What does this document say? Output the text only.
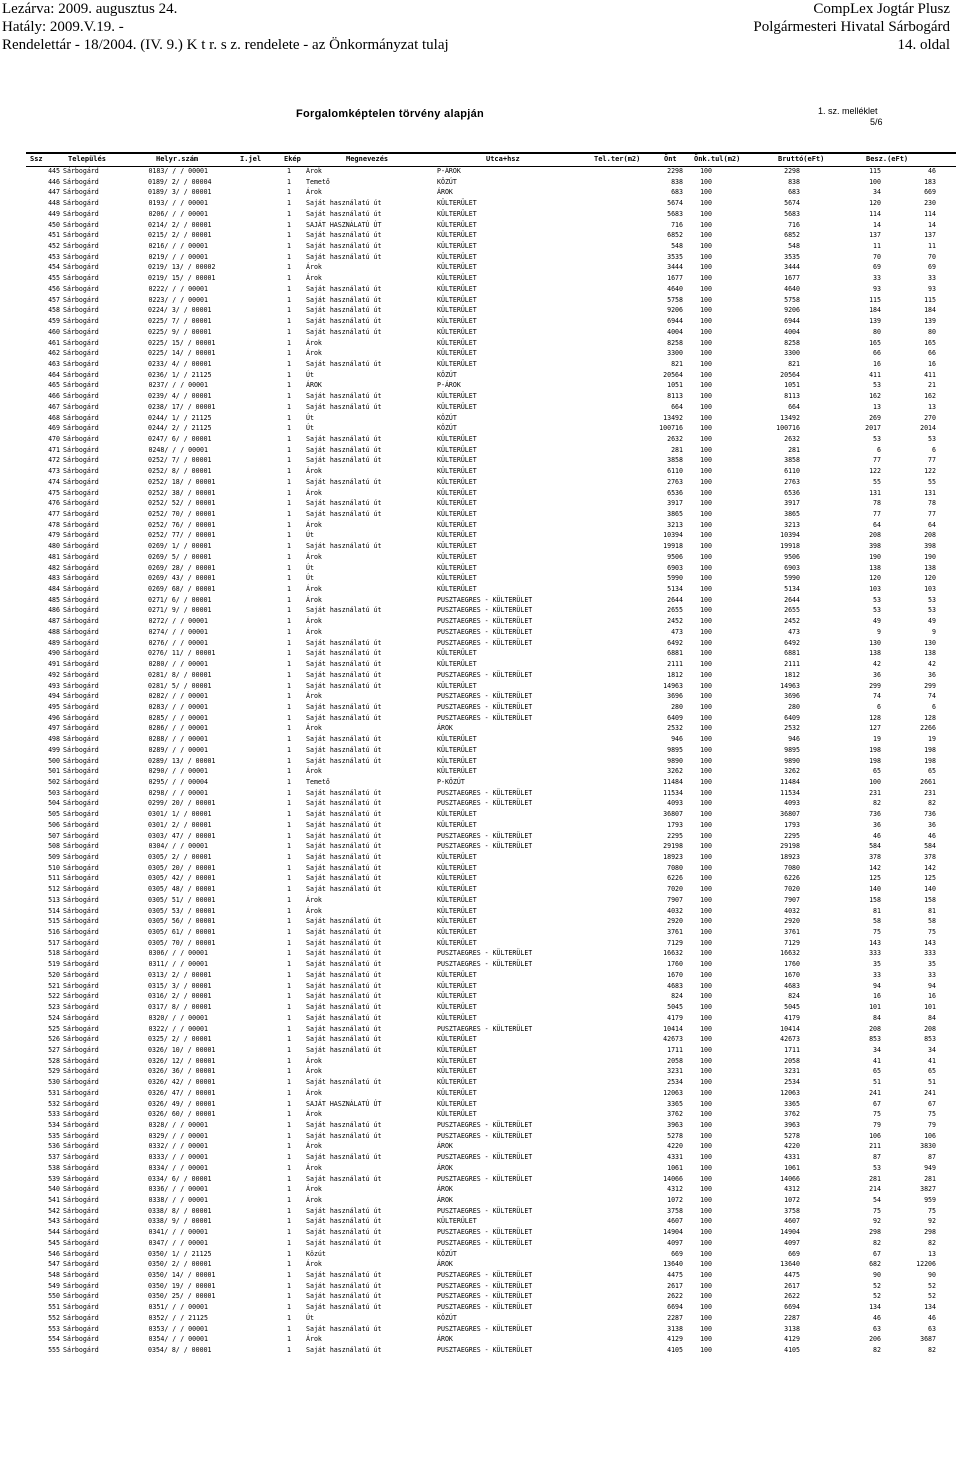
Lezárva: 2009. augusztus 24.
Hatály: 2009.V.19. -
Rendelettár - 18/2004. (IV. 9.) K t r. s z. rendelete - az Önkormányzat tulaj
CompLex Jogtár Plusz
Polgármesteri Hivatal Sárbogárd
14. oldal
Forgalomképtelen törvény alapján	1. sz. melléklet
5/6
Ssz	Település	Helyr.szám	I.jel	Ekép	Megnevezés	Utca+hsz	Tel.ter(m2)	Önt Önk.tul(m2)	Bruttó(eFt)	Besz.(eFt)
445 Sárbogárd	0183/ / / 00001	1 Árok	P-ÁROK	2298	100	2298	115	46
446 Sárbogárd	0189/ 2/ / 00004	1 Temető	KÖZÚT	838	100	838	100	183
447 Sárbogárd	0189/ 3/ / 00001	1 Árok	ÁROK	683	100	683	34	669
448 Sárbogárd	0193/ / / 00001	1 Saját használatú út	KÜLTERÜLET	5674	100	5674	120	230
449 Sárbogárd	0206/ / / 00001	1 Saját használatú út	KÜLTERÜLET	5683	100	5683	114	114
450 Sárbogárd	0214/ 2/ / 00001	1 SAJÁT HASZNÁLATÚ ÚT	KÜLTERÜLET	716	100	716	14	14
451 Sárbogárd	0215/ 2/ / 00001	1 Saját használatú út	KÜLTERÜLET	6852	100	6852	137	137
452 Sárbogárd	0216/ / / 00001	1 Saját használatú út	KÜLTERÜLET	548	100	548	11	11
453 Sárbogárd	0219/ / / 00001	1 Saját használatú út	KÜLTERÜLET	3535	100	3535	70	70
454 Sárbogárd	0219/ 13/ / 00002	1 Árok	KÜLTERÜLET	3444	100	3444	69	69
455 Sárbogárd	0219/ 15/ / 00001	1 Árok	KÜLTERÜLET	1677	100	1677	33	33
456 Sárbogárd	0222/ / / 00001	1 Saját használatú út	KÜLTERÜLET	4640	100	4640	93	93
457 Sárbogárd	0223/ / / 00001	1 Saját használatú út	KÜLTERÜLET	5758	100	5758	115	115
458 Sárbogárd	0224/ 3/ / 00001	1 Saját használatú út	KÜLTERÜLET	9206	100	9206	184	184
459 Sárbogárd	0225/ 7/ / 00001	1 Saját használatú út	KÜLTERÜLET	6944	100	6944	139	139
460 Sárbogárd	0225/ 9/ / 00001	1 Saját használatú út	KÜLTERÜLET	4004	100	4004	80	80
461 Sárbogárd	0225/ 15/ / 00001	1 Árok	KÜLTERÜLET	8258	100	8258	165	165
462 Sárbogárd	0225/ 14/ / 00001	1 Árok	KÜLTERÜLET	3300	100	3300	66	66
463 Sárbogárd	0233/ 4/ / 00001	1 Saját használatú út	KÜLTERÜLET	821	100	821	16	16
464 Sárbogárd	0236/ 1/ / 21125	1 Út	KÖZÚT	20564	100	20564	411	411
465 Sárbogárd	0237/ / / 00001	1 ÁROK	P-ÁROK	1051	100	1051	53	21
466 Sárbogárd	0239/ 4/ / 00001	1 Saját használatú út	KÜLTERÜLET	8113	100	8113	162	162
467 Sárbogárd	0238/ 17/ / 00001	1 Saját használatú út	KÜLTERÜLET	664	100	664	13	13
468 Sárbogárd	0244/ 1/ / 21125	1 Út	KÖZÚT	13492	100	13492	269	270
469 Sárbogárd	0244/ 2/ / 21125	1 Út	KÖZÚT	100716	100	100716	2017	2014
470 Sárbogárd	0247/ 6/ / 00001	1 Saját használatú út	KÜLTERÜLET	2632	100	2632	53	53
471 Sárbogárd	0248/ / / 00001	1 Saját használatú út	KÜLTERÜLET	281	100	281	6	6
472 Sárbogárd	0252/ 7/ / 00001	1 Saját használatú út	KÜLTERÜLET	3858	100	3858	77	77
473 Sárbogárd	0252/ 8/ / 00001	1 Árok	KÜLTERÜLET	6110	100	6110	122	122
474 Sárbogárd	0252/ 18/ / 00001	1 Saját használatú út	KÜLTERÜLET	2763	100	2763	55	55
475 Sárbogárd	0252/ 38/ / 00001	1 Árok	KÜLTERÜLET	6536	100	6536	131	131
476 Sárbogárd	0252/ 52/ / 00001	1 Saját használatú út	KÜLTERÜLET	3917	100	3917	78	78
477 Sárbogárd	0252/ 70/ / 00001	1 Saját használatú út	KÜLTERÜLET	3865	100	3865	77	77
478 Sárbogárd	0252/ 76/ / 00001	1 Árok	KÜLTERÜLET	3213	100	3213	64	64
479 Sárbogárd	0252/ 77/ / 00001	1 Út	KÜLTERÜLET	10394	100	10394	208	208
480 Sárbogárd	0269/ 1/ / 00001	1 Saját használatú út	KÜLTERÜLET	19918	100	19918	398	398
481 Sárbogárd	0269/ 5/ / 00001	1 Árok	KÜLTERÜLET	9506	100	9506	190	190
482 Sárbogárd	0269/ 28/ / 00001	1 Út	KÜLTERÜLET	6903	100	6903	138	138
483 Sárbogárd	0269/ 43/ / 00001	1 Út	KÜLTERÜLET	5990	100	5990	120	120
484 Sárbogárd	0269/ 68/ / 00001	1 Árok	KÜLTERÜLET	5134	100	5134	103	103
485 Sárbogárd	0271/ 6/ / 00001	1 Árok	PUSZTAEGRES - KÜLTERÜLET	2644	100	2644	53	53
486 Sárbogárd	0271/ 9/ / 00001	1 Saját használatú út	PUSZTAEGRES - KÜLTERÜLET	2655	100	2655	53	53
487 Sárbogárd	0272/ / / 00001	1 Árok	PUSZTAEGRES - KÜLTERÜLET	2452	100	2452	49	49
488 Sárbogárd	0274/ / / 00001	1 Árok	PUSZTAEGRES - KÜLTERÜLET	473	100	473	9	9
489 Sárbogárd	0276/ / / 00001	1 Saját használatú út	PUSZTAEGRES - KÜLTERÜLET	6492	100	6492	130	130
490 Sárbogárd	0276/ 11/ / 00001	1 Saját használatú út	KÜLTERÜLET	6881	100	6881	138	138
491 Sárbogárd	0280/ / / 00001	1 Saját használatú út	KÜLTERÜLET	2111	100	2111	42	42
492 Sárbogárd	0281/ 8/ / 00001	1 Saját használatú út	PUSZTAEGRES - KÜLTERÜLET	1812	100	1812	36	36
493 Sárbogárd	0281/ 5/ / 00001	1 Saját használatú út	KÜLTERÜLET	14963	100	14963	299	299
494 Sárbogárd	0282/ / / 00001	1 Árok	PUSZTAEGRES - KÜLTERÜLET	3696	100	3696	74	74
495 Sárbogárd	0283/ / / 00001	1 Saját használatú út	PUSZTAEGRES - KÜLTERÜLET	280	100	280	6	6
496 Sárbogárd	0285/ / / 00001	1 Saját használatú út	PUSZTAEGRES - KÜLTERÜLET	6409	100	6409	128	128
497 Sárbogárd	0286/ / / 00001	1 Árok	ÁROK	2532	100	2532	127	2266
498 Sárbogárd	0288/ / / 00001	1 Saját használatú út	KÜLTERÜLET	946	100	946	19	19
499 Sárbogárd	0289/ / / 00001	1 Saját használatú út	KÜLTERÜLET	9895	100	9895	198	198
500 Sárbogárd	0289/ 13/ / 00001	1 Saját használatú út	KÜLTERÜLET	9890	100	9890	198	198
501 Sárbogárd	0290/ / / 00001	1 Árok	KÜLTERÜLET	3262	100	3262	65	65
502 Sárbogárd	0295/ / / 00004	1 Temető	P-KÖZÚT	11484	100	11484	100	2661
503 Sárbogárd	0298/ / / 00001	1 Saját használatú út	PUSZTAEGRES - KÜLTERÜLET	11534	100	11534	231	231
504 Sárbogárd	0299/ 20/ / 00001	1 Saját használatú út	PUSZTAEGRES - KÜLTERÜLET	4093	100	4093	82	82
505 Sárbogárd	0301/ 1/ / 00001	1 Saját használatú út	KÜLTERÜLET	36807	100	36807	736	736
506 Sárbogárd	0301/ 2/ / 00001	1 Saját használatú út	KÜLTERÜLET	1793	100	1793	36	36
507 Sárbogárd	0303/ 47/ / 00001	1 Saját használatú út	PUSZTAEGRES - KÜLTERÜLET	2295	100	2295	46	46
508 Sárbogárd	0304/ / / 00001	1 Saját használatú út	PUSZTAEGRES - KÜLTERÜLET	29198	100	29198	584	584
509 Sárbogárd	0305/ 2/ / 00001	1 Saját használatú út	KÜLTERÜLET	18923	100	18923	378	378
510 Sárbogárd	0305/ 20/ / 00001	1 Saját használatú út	KÜLTERÜLET	7080	100	7080	142	142
511 Sárbogárd	0305/ 42/ / 00001	1 Saját használatú út	KÜLTERÜLET	6226	100	6226	125	125
512 Sárbogárd	0305/ 48/ / 00001	1 Saját használatú út	KÜLTERÜLET	7020	100	7020	140	140
513 Sárbogárd	0305/ 51/ / 00001	1 Árok	KÜLTERÜLET	7907	100	7907	158	158
514 Sárbogárd	0305/ 53/ / 00001	1 Árok	KÜLTERÜLET	4032	100	4032	81	81
515 Sárbogárd	0305/ 56/ / 00001	1 Saját használatú út	KÜLTERÜLET	2920	100	2920	58	58
516 Sárbogárd	0305/ 61/ / 00001	1 Saját használatú út	KÜLTERÜLET	3761	100	3761	75	75
517 Sárbogárd	0305/ 70/ / 00001	1 Saját használatú út	KÜLTERÜLET	7129	100	7129	143	143
518 Sárbogárd	0306/ / / 00001	1 Saját használatú út	PUSZTAEGRES - KÜLTERÜLET	16632	100	16632	333	333
519 Sárbogárd	0311/ / / 00001	1 Saját használatú út	PUSZTAEGRES - KÜLTERÜLET	1760	100	1760	35	35
520 Sárbogárd	0313/ 2/ / 00001	1 Saját használatú út	KÜLTERÜLET	1670	100	1670	33	33
521 Sárbogárd	0315/ 3/ / 00001	1 Saját használatú út	KÜLTERÜLET	4683	100	4683	94	94
522 Sárbogárd	0316/ 2/ / 00001	1 Saját használatú út	KÜLTERÜLET	824	100	824	16	16
523 Sárbogárd	0317/ 8/ / 00001	1 Saját használatú út	KÜLTERÜLET	5045	100	5045	101	101
524 Sárbogárd	0320/ / / 00001	1 Saját használatú út	KÜLTERÜLET	4179	100	4179	84	84
525 Sárbogárd	0322/ / / 00001	1 Saját használatú út	PUSZTAEGRES - KÜLTERÜLET	10414	100	10414	208	208
526 Sárbogárd	0325/ 2/ / 00001	1 Saját használatú út	KÜLTERÜLET	42673	100	42673	853	853
527 Sárbogárd	0326/ 10/ / 00001	1 Saját használatú út	KÜLTERÜLET	1711	100	1711	34	34
528 Sárbogárd	0326/ 12/ / 00001	1 Árok	KÜLTERÜLET	2058	100	2058	41	41
529 Sárbogárd	0326/ 36/ / 00001	1 Árok	KÜLTERÜLET	3231	100	3231	65	65
530 Sárbogárd	0326/ 42/ / 00001	1 Saját használatú út	KÜLTERÜLET	2534	100	2534	51	51
531 Sárbogárd	0326/ 47/ / 00001	1 Árok	KÜLTERÜLET	12063	100	12063	241	241
532 Sárbogárd	0326/ 49/ / 00001	1 SAJÁT HASZNÁLATÚ ÚT	KÜLTERÜLET	3365	100	3365	67	67
533 Sárbogárd	0326/ 60/ / 00001	1 Árok	KÜLTERÜLET	3762	100	3762	75	75
534 Sárbogárd	0328/ / / 00001	1 Saját használatú út	PUSZTAEGRES - KÜLTERÜLET	3963	100	3963	79	79
535 Sárbogárd	0329/ / / 00001	1 Saját használatú út	PUSZTAEGRES - KÜLTERÜLET	5278	100	5278	106	106
536 Sárbogárd	0332/ / / 00001	1 Árok	ÁROK	4220	100	4220	211	3830
537 Sárbogárd	0333/ / / 00001	1 Saját használatú út	PUSZTAEGRES - KÜLTERÜLET	4331	100	4331	87	87
538 Sárbogárd	0334/ / / 00001	1 Árok	ÁROK	1061	100	1061	53	949
539 Sárbogárd	0334/ 6/ / 00001	1 Saját használatú út	PUSZTAEGRES - KÜLTERÜLET	14066	100	14066	281	281
540 Sárbogárd	0336/ / / 00001	1 Árok	ÁROK	4312	100	4312	214	3827
541 Sárbogárd	0338/ / / 00001	1 Árok	ÁROK	1072	100	1072	54	959
542 Sárbogárd	0338/ 8/ / 00001	1 Saját használatú út	PUSZTAEGRES - KÜLTERÜLET	3758	100	3758	75	75
543 Sárbogárd	0338/ 9/ / 00001	1 Saját használatú út	KÜLTERÜLET	4607	100	4607	92	92
544 Sárbogárd	0341/ / / 00001	1 Saját használatú út	PUSZTAEGRES - KÜLTERÜLET	14904	100	14904	298	298
545 Sárbogárd	0347/ / / 00001	1 Saját használatú út	PUSZTAEGRES - KÜLTERÜLET	4097	100	4097	82	82
546 Sárbogárd	0350/ 1/ / 21125	1 Közút	KÖZÚT	669	100	669	67	13
547 Sárbogárd	0350/ 2/ / 00001	1 Árok	ÁROK	13640	100	13640	682	12206
548 Sárbogárd	0350/ 14/ / 00001	1 Saját használatú út	PUSZTAEGRES - KÜLTERÜLET	4475	100	4475	90	90
549 Sárbogárd	0350/ 19/ / 00001	1 Saját használatú út	PUSZTAEGRES - KÜLTERÜLET	2617	100	2617	52	52
550 Sárbogárd	0350/ 25/ / 00001	1 Saját használatú út	PUSZTAEGRES - KÜLTERÜLET	2622	100	2622	52	52
551 Sárbogárd	0351/ / / 00001	1 Saját használatú út	PUSZTAEGRES - KÜLTERÜLET	6694	100	6694	134	134
552 Sárbogárd	0352/ / / 21125	1 Út	KÖZÚT	2287	100	2287	46	46
553 Sárbogárd	0353/ / / 00001	1 Saját használatú út	PUSZTAEGRES - KÜLTERÜLET	3138	100	3138	63	63
554 Sárbogárd	0354/ / / 00001	1 Árok	ÁROK	4129	100	4129	206	3687
555 Sárbogárd	0354/ 8/ / 00001	1 Saját használatú út	PUSZTAEGRES - KÜLTERÜLET	4105	100	4105	82	82
